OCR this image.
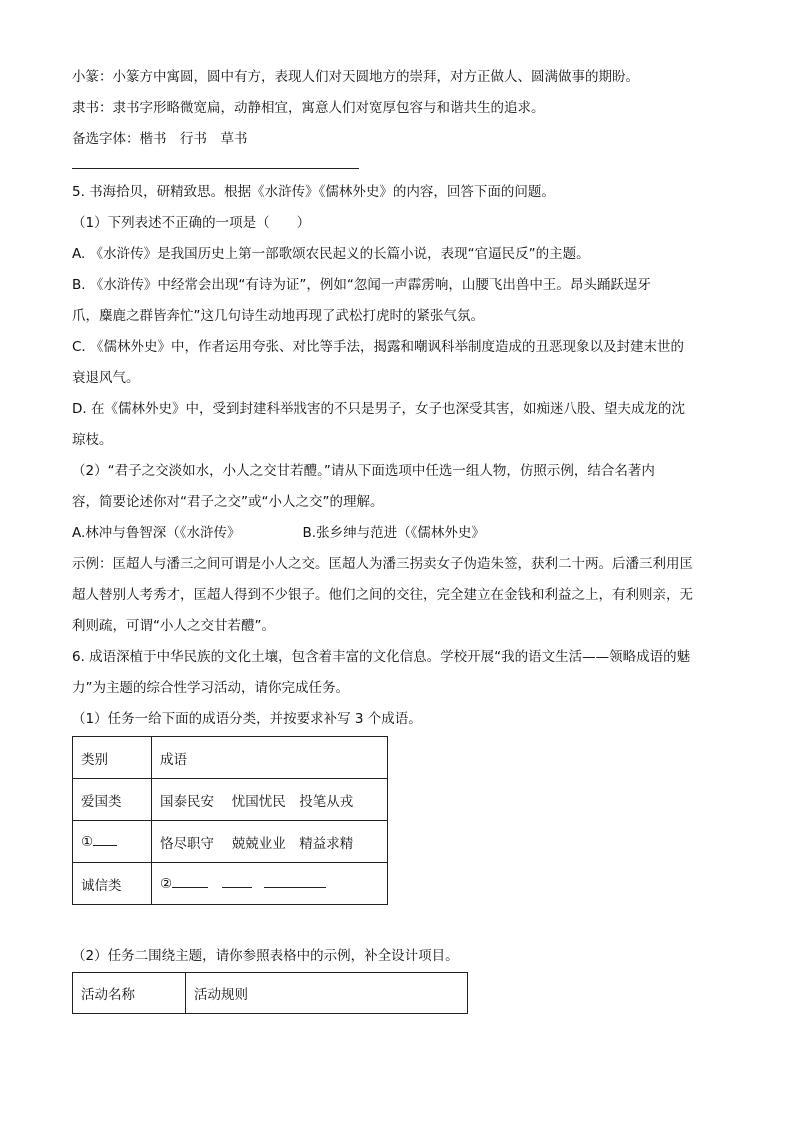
小篆：小篆方中寓圆，圆中有方，表现人们对天圆地方的崇拜，对方正做人、圆满做事的期盼。
隶书：隶书字形略微宽扁，动静相宜，寓意人们对宽厚包容与和谐共生的追求。
备选字体：楷书　行书　草书
5. 书海拾贝，研精致思。根据《水浒传》《儒林外史》的内容，回答下面的问题。
（1）下列表述不正确的一项是（　　）
A. 《水浒传》是我国历史上第一部歌颂农民起义的长篇小说，表现“官逼民反”的主题。
B. 《水浒传》中经常会出现“有诗为证”，例如“忽闻一声霹雳响，山腰飞出兽中王。昂头踊跃逞牙
爪，麋鹿之群皆奔忙”这几句诗生动地再现了武松打虎时的紧张气氛。
C. 《儒林外史》中，作者运用夸张、对比等手法，揭露和嘲讽科举制度造成的丑恶现象以及封建末世的
衰退风气。
D. 在《儒林外史》中，受到封建科举戕害的不只是男子，女子也深受其害，如痴迷八股、望夫成龙的沈
琼枝。
（2）“君子之交淡如水，小人之交甘若醴。”请从下面选项中任选一组人物，仿照示例，结合名著内
容，简要论述你对“君子之交”或“小人之交”的理解。
A.林冲与鲁智深（《水浒传》	B.张乡绅与范进（《儒林外史》
示例：匡超人与潘三之间可谓是小人之交。匡超人为潘三拐卖女子伪造朱签，获利二十两。后潘三利用匡
超人替别人考秀才，匡超人得到不少银子。他们之间的交往，完全建立在金钱和利益之上，有利则亲，无
利则疏，可谓“小人之交甘若醴”。
6. 成语深植于中华民族的文化土壤，包含着丰富的文化信息。学校开展“我的语文生活——领略成语的魅
力”为主题的综合性学习活动，请你完成任务。
（1）任务一给下面的成语分类，并按要求补写 3 个成语。
类别	成语
爱国类	国泰民安　 忧国忧民　投笔从戎
①	恪尽职守　 兢兢业业　精益求精
诚信类	②
（2）任务二围绕主题，请你参照表格中的示例，补全设计项目。
活动名称	活动规则
